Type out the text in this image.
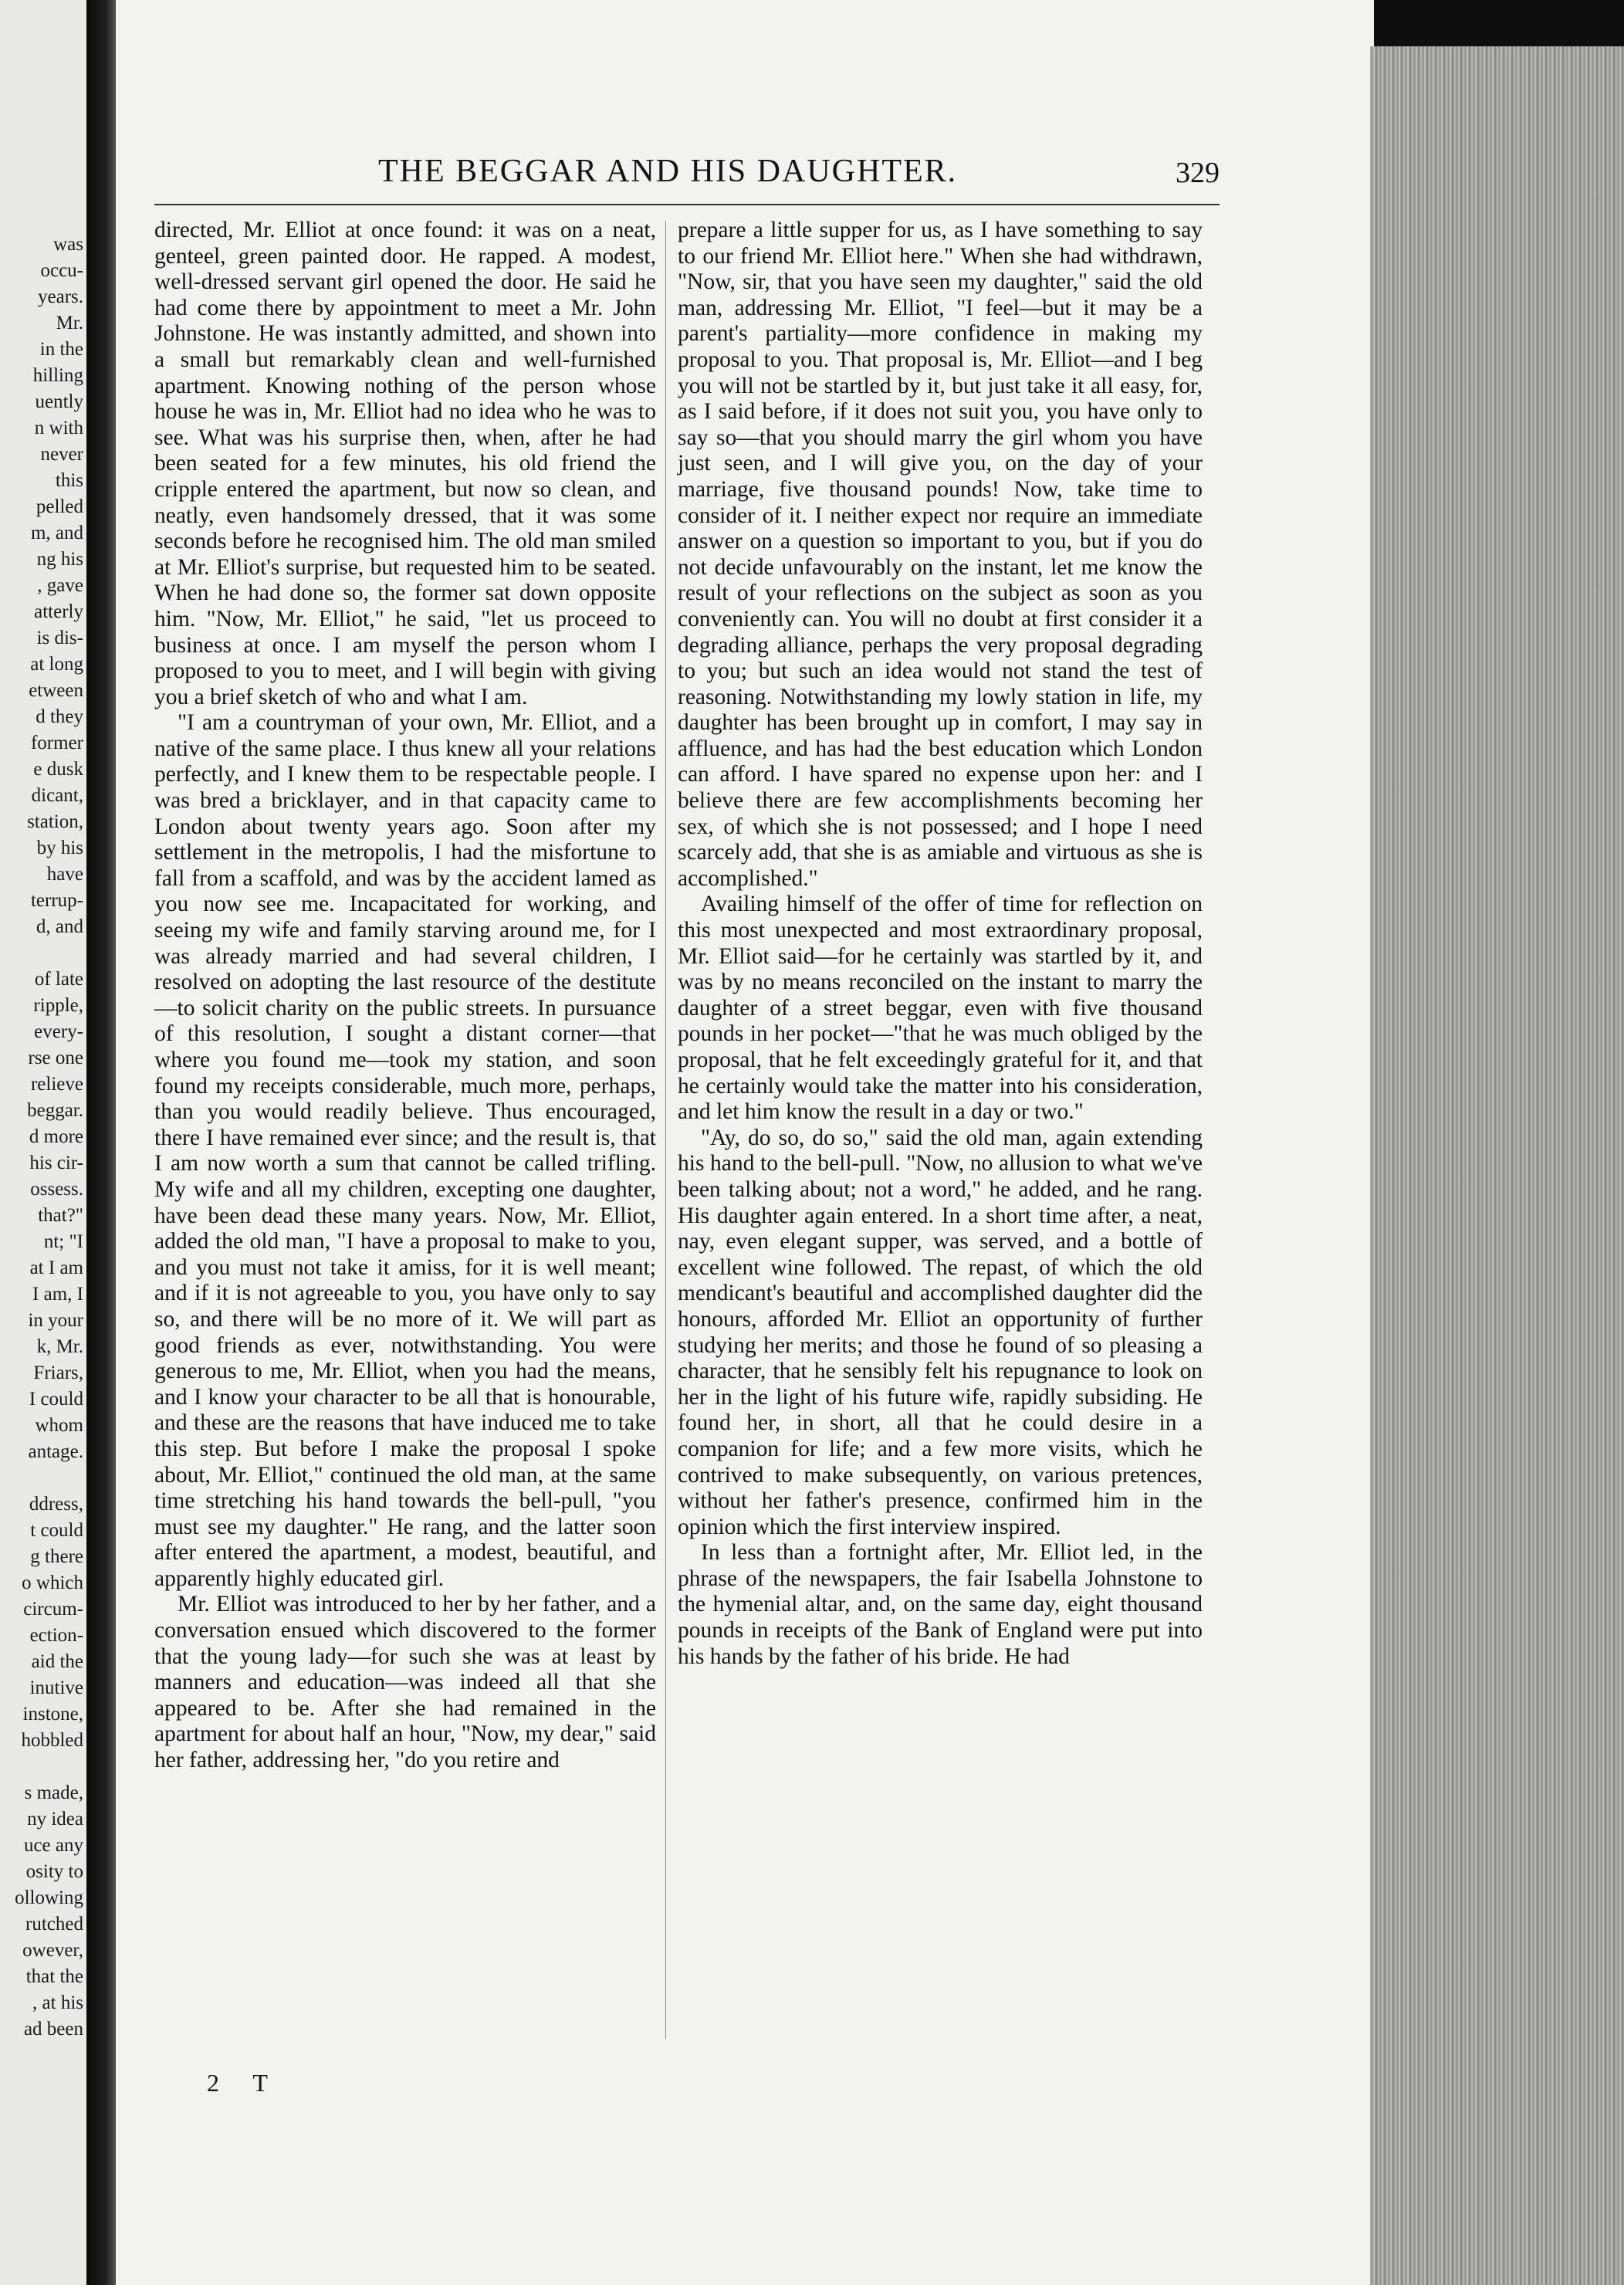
was
occu-
years.
Mr.
in the
hilling
uently
n with
never
this
pelled
m, and
ng his
, gave
atterly
is dis-
at long
etween
d they
former
e dusk
dicant,
station,
by his
have
terrup-
d, and
of late
ripple,
every-
rse one
relieve
beggar.
d more
his cir-
ossess.
that?"
nt; "I
at I am
I am, I
in your
k, Mr.
Friars,
I could
whom
antage.
ddress,
t could
g there
o which
circum-
ection-
aid the
inutive
instone,
hobbled
s made,
ny idea
uce any
osity to
ollowing
rutched
owever,
that the
, at his
ad been
THE BEGGAR AND HIS DAUGHTER.	329

directed, Mr. Elliot at once found: it was on a neat, genteel, green painted door. He rapped. A modest, well-dressed servant girl opened the door. He said he had come there by appointment to meet a Mr. John Johnstone. He was instantly admitted, and shown into a small but remarkably clean and well-furnished apartment. Knowing nothing of the person whose house he was in, Mr. Elliot had no idea who he was to see. What was his surprise then, when, after he had been seated for a few minutes, his old friend the cripple entered the apartment, but now so clean, and neatly, even handsomely dressed, that it was some seconds before he recognised him. The old man smiled at Mr. Elliot's surprise, but requested him to be seated. When he had done so, the former sat down opposite him. "Now, Mr. Elliot," he said, "let us proceed to business at once. I am myself the person whom I proposed to you to meet, and I will begin with giving you a brief sketch of who and what I am.

"I am a countryman of your own, Mr. Elliot, and a native of the same place. I thus knew all your relations perfectly, and I knew them to be respectable people. I was bred a bricklayer, and in that capacity came to London about twenty years ago. Soon after my settlement in the metropolis, I had the misfortune to fall from a scaffold, and was by the accident lamed as you now see me. Incapacitated for working, and seeing my wife and family starving around me, for I was already married and had several children, I resolved on adopting the last resource of the destitute—to solicit charity on the public streets. In pursuance of this resolution, I sought a distant corner—that where you found me—took my station, and soon found my receipts considerable, much more, perhaps, than you would readily believe. Thus encouraged, there I have remained ever since; and the result is, that I am now worth a sum that cannot be called trifling. My wife and all my children, excepting one daughter, have been dead these many years. Now, Mr. Elliot, added the old man, "I have a proposal to make to you, and you must not take it amiss, for it is well meant; and if it is not agreeable to you, you have only to say so, and there will be no more of it. We will part as good friends as ever, notwithstanding. You were generous to me, Mr. Elliot, when you had the means, and I know your character to be all that is honourable, and these are the reasons that have induced me to take this step. But before I make the proposal I spoke about, Mr. Elliot," continued the old man, at the same time stretching his hand towards the bell-pull, "you must see my daughter." He rang, and the latter soon after entered the apartment, a modest, beautiful, and apparently highly educated girl.

Mr. Elliot was introduced to her by her father, and a conversation ensued which discovered to the former that the young lady—for such she was at least by manners and education—was indeed all that she appeared to be. After she had remained in the apartment for about half an hour, "Now, my dear," said her father, addressing her, "do you retire and

prepare a little supper for us, as I have something to say to our friend Mr. Elliot here." When she had withdrawn, "Now, sir, that you have seen my daughter," said the old man, addressing Mr. Elliot, "I feel—but it may be a parent's partiality—more confidence in making my proposal to you. That proposal is, Mr. Elliot—and I beg you will not be startled by it, but just take it all easy, for, as I said before, if it does not suit you, you have only to say so—that you should marry the girl whom you have just seen, and I will give you, on the day of your marriage, five thousand pounds! Now, take time to consider of it. I neither expect nor require an immediate answer on a question so important to you, but if you do not decide unfavourably on the instant, let me know the result of your reflections on the subject as soon as you conveniently can. You will no doubt at first consider it a degrading alliance, perhaps the very proposal degrading to you; but such an idea would not stand the test of reasoning. Notwithstanding my lowly station in life, my daughter has been brought up in comfort, I may say in affluence, and has had the best education which London can afford. I have spared no expense upon her: and I believe there are few accomplishments becoming her sex, of which she is not possessed; and I hope I need scarcely add, that she is as amiable and virtuous as she is accomplished."

Availing himself of the offer of time for reflection on this most unexpected and most extraordinary proposal, Mr. Elliot said—for he certainly was startled by it, and was by no means reconciled on the instant to marry the daughter of a street beggar, even with five thousand pounds in her pocket—"that he was much obliged by the proposal, that he felt exceedingly grateful for it, and that he certainly would take the matter into his consideration, and let him know the result in a day or two."

"Ay, do so, do so," said the old man, again extending his hand to the bell-pull. "Now, no allusion to what we've been talking about; not a word," he added, and he rang. His daughter again entered. In a short time after, a neat, nay, even elegant supper, was served, and a bottle of excellent wine followed. The repast, of which the old mendicant's beautiful and accomplished daughter did the honours, afforded Mr. Elliot an opportunity of further studying her merits; and those he found of so pleasing a character, that he sensibly felt his repugnance to look on her in the light of his future wife, rapidly subsiding. He found her, in short, all that he could desire in a companion for life; and a few more visits, which he contrived to make subsequently, on various pretences, without her father's presence, confirmed him in the opinion which the first interview inspired.

In less than a fortnight after, Mr. Elliot led, in the phrase of the newspapers, the fair Isabella Johnstone to the hymenial altar, and, on the same day, eight thousand pounds in receipts of the Bank of England were put into his hands by the father of his bride. He had

2 T
